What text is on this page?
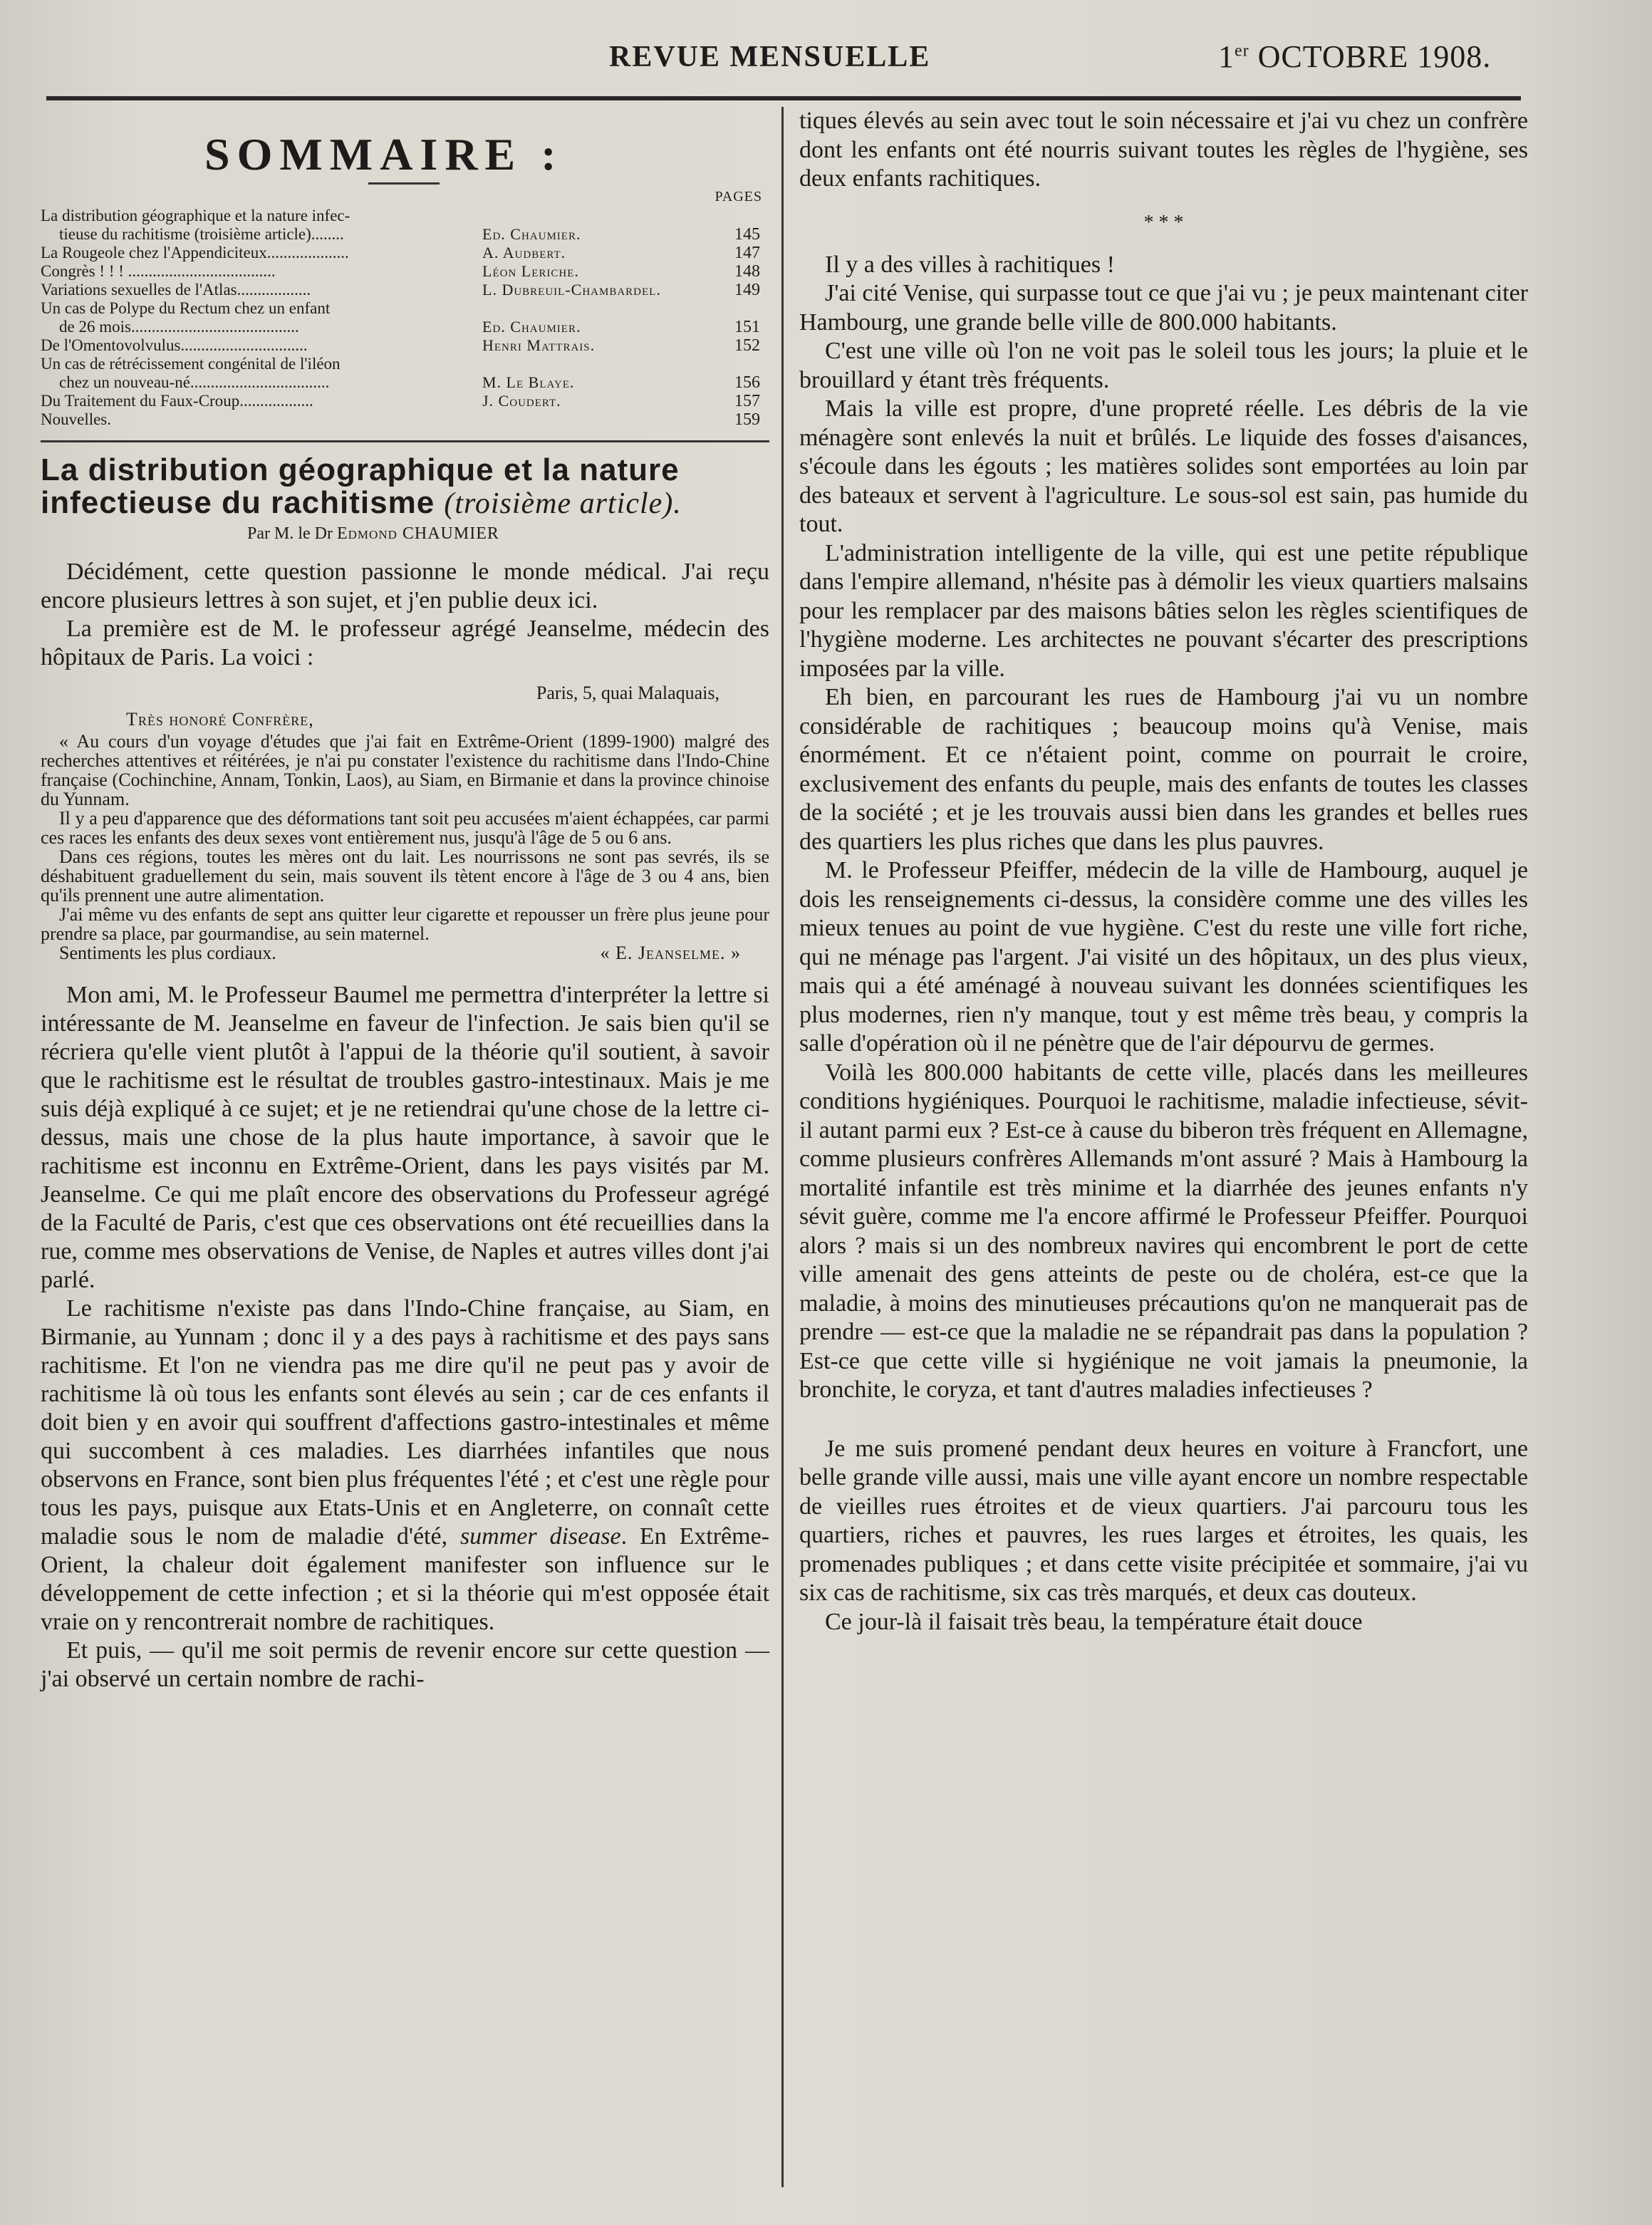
REVUE MENSUELLE	1er OCTOBRE 1908.
SOMMAIRE :
PAGES
La distribution géographique et la nature infec-
tieuse du rachitisme (troisième article)........	Ed. Chaumier.	145
La Rougeole chez l'Appendiciteux....................	A. Audbert.	147
Congrès ! ! ! ....................................	Léon Leriche.	148
Variations sexuelles de l'Atlas..................	L. Dubreuil-Chambardel.	149
Un cas de Polype du Rectum chez un enfant
de 26 mois.........................................	Ed. Chaumier.	151
De l'Omentovolvulus...............................	Henri Mattrais.	152
Un cas de rétrécissement congénital de l'iléon
chez un nouveau-né..................................	M. Le Blaye.	156
Du Traitement du Faux-Croup..................	J. Coudert.	157
Nouvelles.	159
La distribution géographique et la nature infectieuse du rachitisme (troisième article).
Par M. le Dr Edmond CHAUMIER

Décidément, cette question passionne le monde médical. J'ai reçu encore plusieurs lettres à son sujet, et j'en publie deux ici.

La première est de M. le professeur agrégé Jeanselme, médecin des hôpitaux de Paris. La voici :

Paris, 5, quai Malaquais,

Très honoré Confrère,

« Au cours d'un voyage d'études que j'ai fait en Extrême-Orient (1899-1900) malgré des recherches attentives et réitérées, je n'ai pu constater l'existence du rachitisme dans l'Indo-Chine française (Cochinchine, Annam, Tonkin, Laos), au Siam, en Birmanie et dans la province chinoise du Yunnam.

Il y a peu d'apparence que des déformations tant soit peu accusées m'aient échappées, car parmi ces races les enfants des deux sexes vont entièrement nus, jusqu'à l'âge de 5 ou 6 ans.

Dans ces régions, toutes les mères ont du lait. Les nourrissons ne sont pas sevrés, ils se déshabituent graduellement du sein, mais souvent ils tètent encore à l'âge de 3 ou 4 ans, bien qu'ils prennent une autre alimentation.

J'ai même vu des enfants de sept ans quitter leur cigarette et repousser un frère plus jeune pour prendre sa place, par gourmandise, au sein maternel.

Sentiments les plus cordiaux.	« E. Jeanselme. »

Mon ami, M. le Professeur Baumel me permettra d'interpréter la lettre si intéressante de M. Jeanselme en faveur de l'infection. Je sais bien qu'il se récriera qu'elle vient plutôt à l'appui de la théorie qu'il soutient, à savoir que le rachitisme est le résultat de troubles gastro-intestinaux. Mais je me suis déjà expliqué à ce sujet; et je ne retiendrai qu'une chose de la lettre ci-dessus, mais une chose de la plus haute importance, à savoir que le rachitisme est inconnu en Extrême-Orient, dans les pays visités par M. Jeanselme. Ce qui me plaît encore des observations du Professeur agrégé de la Faculté de Paris, c'est que ces observations ont été recueillies dans la rue, comme mes observations de Venise, de Naples et autres villes dont j'ai parlé.

Le rachitisme n'existe pas dans l'Indo-Chine française, au Siam, en Birmanie, au Yunnam ; donc il y a des pays à rachitisme et des pays sans rachitisme. Et l'on ne viendra pas me dire qu'il ne peut pas y avoir de rachitisme là où tous les enfants sont élevés au sein ; car de ces enfants il doit bien y en avoir qui souffrent d'affections gastro-intestinales et même qui succombent à ces maladies. Les diarrhées infantiles que nous observons en France, sont bien plus fréquentes l'été ; et c'est une règle pour tous les pays, puisque aux Etats-Unis et en Angleterre, on connaît cette maladie sous le nom de maladie d'été, summer disease. En Extrême-Orient, la chaleur doit également manifester son influence sur le développement de cette infection ; et si la théorie qui m'est opposée était vraie on y rencontrerait nombre de rachitiques.

Et puis, — qu'il me soit permis de revenir encore sur cette question — j'ai observé un certain nombre de rachi-

tiques élevés au sein avec tout le soin nécessaire et j'ai vu chez un confrère dont les enfants ont été nourris suivant toutes les règles de l'hygiène, ses deux enfants rachitiques.

* * *

Il y a des villes à rachitiques !

J'ai cité Venise, qui surpasse tout ce que j'ai vu ; je peux maintenant citer Hambourg, une grande belle ville de 800.000 habitants.

C'est une ville où l'on ne voit pas le soleil tous les jours; la pluie et le brouillard y étant très fréquents.

Mais la ville est propre, d'une propreté réelle. Les débris de la vie ménagère sont enlevés la nuit et brûlés. Le liquide des fosses d'aisances, s'écoule dans les égouts ; les matières solides sont emportées au loin par des bateaux et servent à l'agriculture. Le sous-sol est sain, pas humide du tout.

L'administration intelligente de la ville, qui est une petite république dans l'empire allemand, n'hésite pas à démolir les vieux quartiers malsains pour les remplacer par des maisons bâties selon les règles scientifiques de l'hygiène moderne. Les architectes ne pouvant s'écarter des prescriptions imposées par la ville.

Eh bien, en parcourant les rues de Hambourg j'ai vu un nombre considérable de rachitiques ; beaucoup moins qu'à Venise, mais énormément. Et ce n'étaient point, comme on pourrait le croire, exclusivement des enfants du peuple, mais des enfants de toutes les classes de la société ; et je les trouvais aussi bien dans les grandes et belles rues des quartiers les plus riches que dans les plus pauvres.

M. le Professeur Pfeiffer, médecin de la ville de Hambourg, auquel je dois les renseignements ci-dessus, la considère comme une des villes les mieux tenues au point de vue hygiène. C'est du reste une ville fort riche, qui ne ménage pas l'argent. J'ai visité un des hôpitaux, un des plus vieux, mais qui a été aménagé à nouveau suivant les données scientifiques les plus modernes, rien n'y manque, tout y est même très beau, y compris la salle d'opération où il ne pénètre que de l'air dépourvu de germes.

Voilà les 800.000 habitants de cette ville, placés dans les meilleures conditions hygiéniques. Pourquoi le rachitisme, maladie infectieuse, sévit-il autant parmi eux ? Est-ce à cause du biberon très fréquent en Allemagne, comme plusieurs confrères Allemands m'ont assuré ? Mais à Hambourg la mortalité infantile est très minime et la diarrhée des jeunes enfants n'y sévit guère, comme me l'a encore affirmé le Professeur Pfeiffer. Pourquoi alors ? mais si un des nombreux navires qui encombrent le port de cette ville amenait des gens atteints de peste ou de choléra, est-ce que la maladie, à moins des minutieuses précautions qu'on ne manquerait pas de prendre — est-ce que la maladie ne se répandrait pas dans la population ? Est-ce que cette ville si hygiénique ne voit jamais la pneumonie, la bronchite, le coryza, et tant d'autres maladies infectieuses ?

Je me suis promené pendant deux heures en voiture à Francfort, une belle grande ville aussi, mais une ville ayant encore un nombre respectable de vieilles rues étroites et de vieux quartiers. J'ai parcouru tous les quartiers, riches et pauvres, les rues larges et étroites, les quais, les promenades publiques ; et dans cette visite précipitée et sommaire, j'ai vu six cas de rachitisme, six cas très marqués, et deux cas douteux.

Ce jour-là il faisait très beau, la température était douce
